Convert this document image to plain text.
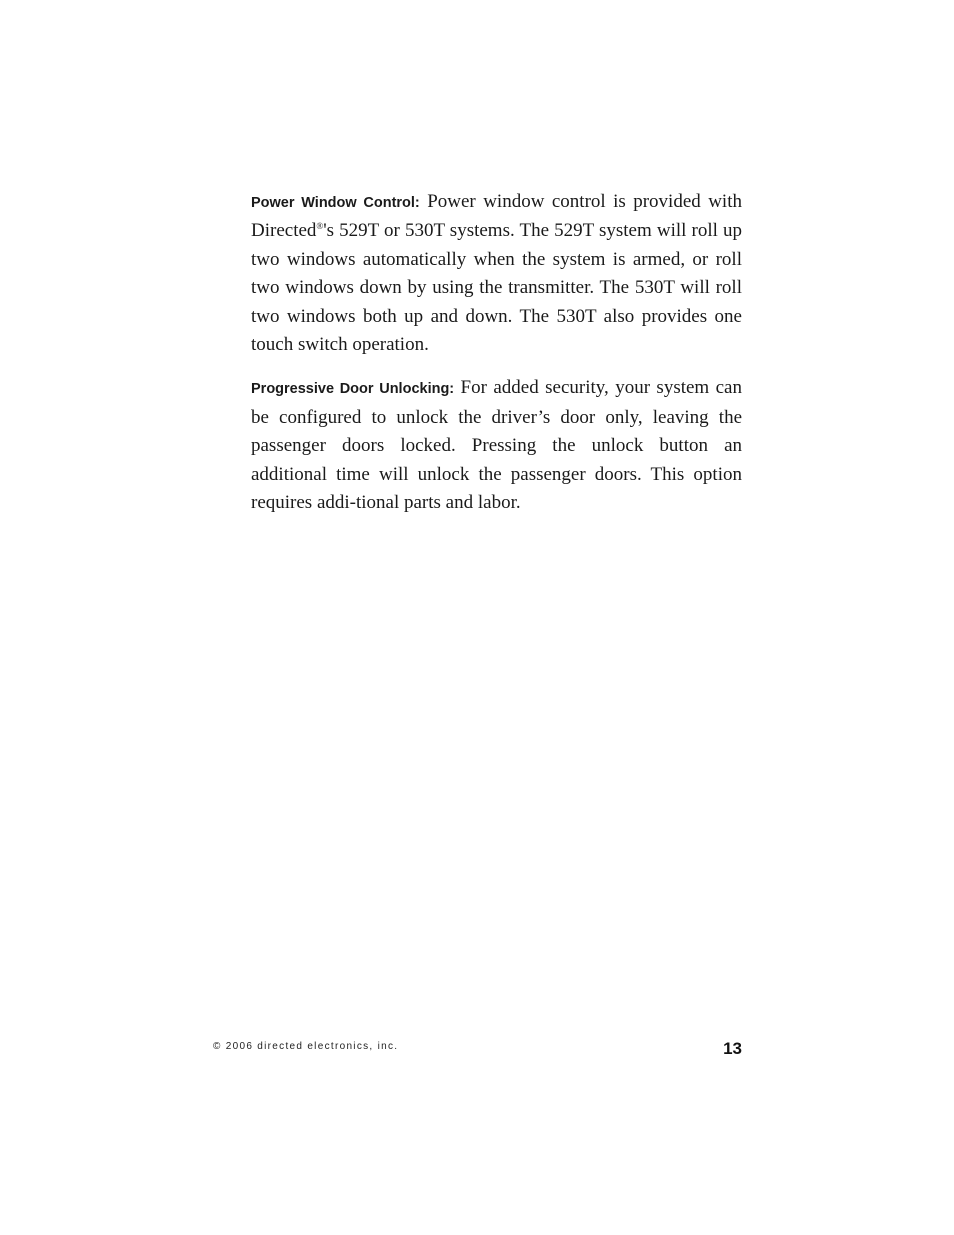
Power Window Control: Power window control is provided with Directed®'s 529T or 530T systems. The 529T system will roll up two windows automatically when the system is armed, or roll two windows down by using the transmitter. The 530T will roll two windows both up and down. The 530T also provides one touch switch operation.

Progressive Door Unlocking: For added security, your system can be configured to unlock the driver’s door only, leaving the passenger doors locked. Pressing the unlock button an additional time will unlock the passenger doors. This option requires addi-tional parts and labor.

© 2006 directed electronics, inc.	13
